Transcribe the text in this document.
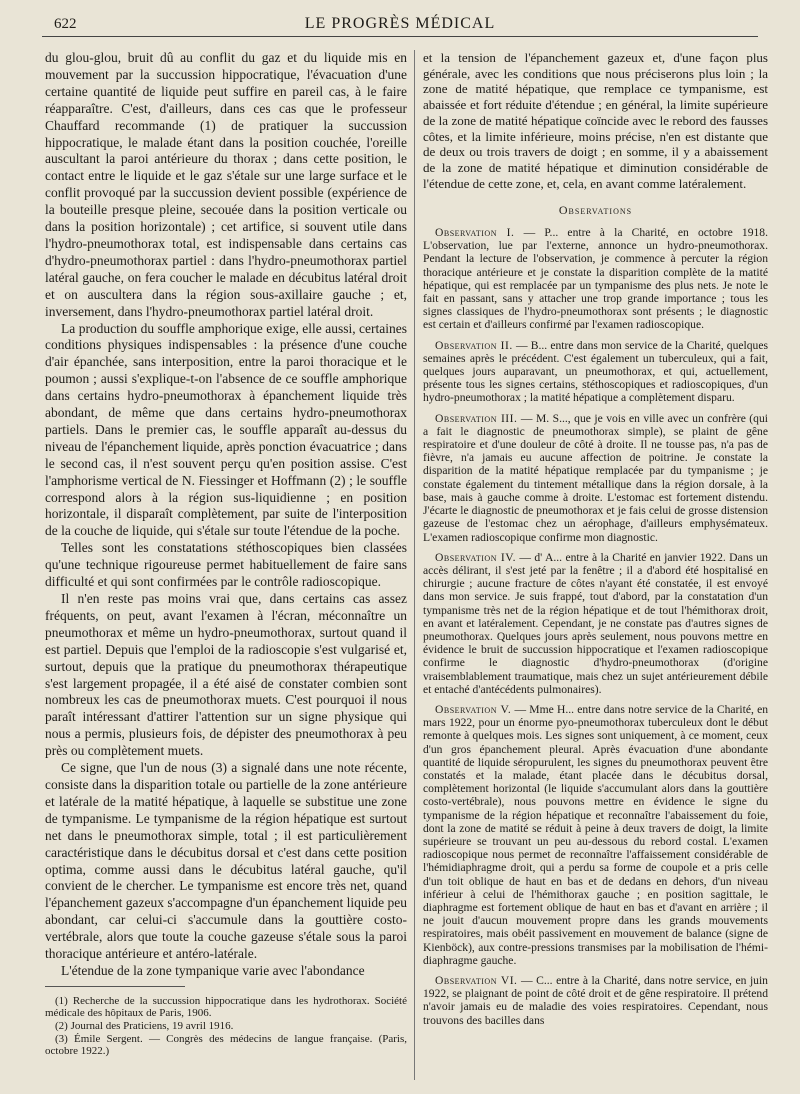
622	LE PROGRÈS MÉDICAL

du glou-glou, bruit dû au conflit du gaz et du liquide mis en mouvement par la succussion hippocratique, l'évacuation d'une certaine quantité de liquide peut suffire en pareil cas, à le faire réapparaître. C'est, d'ailleurs, dans ces cas que le professeur Chauffard recommande (1) de pratiquer la succussion hippocratique, le malade étant dans la position couchée, l'oreille auscultant la paroi antérieure du thorax ; dans cette position, le contact entre le liquide et le gaz s'étale sur une large surface et le conflit provoqué par la succussion devient possible (expérience de la bouteille presque pleine, secouée dans la position verticale ou dans la position horizontale) ; cet artifice, si souvent utile dans l'hydro-pneumothorax total, est indispensable dans certains cas d'hydro-pneumothorax partiel : dans l'hydro-pneumothorax partiel latéral gauche, on fera coucher le malade en décubitus latéral droit et on auscultera dans la région sous-axillaire gauche ; et, inversement, dans l'hydro-pneumothorax partiel latéral droit.

La production du souffle amphorique exige, elle aussi, certaines conditions physiques indispensables : la présence d'une couche d'air épanchée, sans interposition, entre la paroi thoracique et le poumon ; aussi s'explique-t-on l'absence de ce souffle amphorique dans certains hydro-pneumothorax à épanchement liquide très abondant, de même que dans certains hydro-pneumothorax partiels. Dans le premier cas, le souffle apparaît au-dessus du niveau de l'épanchement liquide, après ponction évacuatrice ; dans le second cas, il n'est souvent perçu qu'en position assise. C'est l'amphorisme vertical de N. Fiessinger et Hoffmann (2) ; le souffle correspond alors à la région sus-liquidienne ; en position horizontale, il disparaît complètement, par suite de l'interposition de la couche de liquide, qui s'étale sur toute l'étendue de la poche.

Telles sont les constatations stéthoscopiques bien classées qu'une technique rigoureuse permet habituellement de faire sans difficulté et qui sont confirmées par le contrôle radioscopique.

Il n'en reste pas moins vrai que, dans certains cas assez fréquents, on peut, avant l'examen à l'écran, méconnaître un pneumothorax et même un hydro-pneumothorax, surtout quand il est partiel. Depuis que l'emploi de la radioscopie s'est vulgarisé et, surtout, depuis que la pratique du pneumothorax thérapeutique s'est largement propagée, il a été aisé de constater combien sont nombreux les cas de pneumothorax muets. C'est pourquoi il nous paraît intéressant d'attirer l'attention sur un signe physique qui nous a permis, plusieurs fois, de dépister des pneumothorax à peu près ou complètement muets.

Ce signe, que l'un de nous (3) a signalé dans une note récente, consiste dans la disparition totale ou partielle de la zone antérieure et latérale de la matité hépatique, à laquelle se substitue une zone de tympanisme. Le tympanisme de la région hépatique est surtout net dans le pneumothorax simple, total ; il est particulièrement caractéristique dans le décubitus dorsal et c'est dans cette position optima, comme aussi dans le décubitus latéral gauche, qu'il convient de le chercher. Le tympanisme est encore très net, quand l'épanchement gazeux s'accompagne d'un épanchement liquide peu abondant, car celui-ci s'accumule dans la gouttière costo-vertébrale, alors que toute la couche gazeuse s'étale sous la paroi thoracique antérieure et antéro-latérale.

L'étendue de la zone tympanique varie avec l'abondance

(1) Recherche de la succussion hippocratique dans les hydrothorax. Société médicale des hôpitaux de Paris, 1906.

(2) Journal des Praticiens, 19 avril 1916.

(3) Émile Sergent. — Congrès des médecins de langue française. (Paris, octobre 1922.)

et la tension de l'épanchement gazeux et, d'une façon plus générale, avec les conditions que nous préciserons plus loin ; la zone de matité hépatique, que remplace ce tympanisme, est abaissée et fort réduite d'étendue ; en général, la limite supérieure de la zone de matité hépatique coïncide avec le rebord des fausses côtes, et la limite inférieure, moins précise, n'en est distante que de deux ou trois travers de doigt ; en somme, il y a abaissement de la zone de matité hépatique et diminution considérable de l'étendue de cette zone, et, cela, en avant comme latéralement.

Observations

Observation I. — P... entre à la Charité, en octobre 1918. L'observation, lue par l'externe, annonce un hydro-pneumothorax. Pendant la lecture de l'observation, je commence à percuter la région thoracique antérieure et je constate la disparition complète de la matité hépatique, qui est remplacée par un tympanisme des plus nets. Je note le fait en passant, sans y attacher une trop grande importance ; tous les signes classiques de l'hydro-pneumothorax sont présents ; le diagnostic est certain et d'ailleurs confirmé par l'examen radioscopique.

Observation II. — B... entre dans mon service de la Charité, quelques semaines après le précédent. C'est également un tuberculeux, qui a fait, quelques jours auparavant, un pneumothorax, et qui, actuellement, présente tous les signes certains, stéthoscopiques et radioscopiques, d'un hydro-pneumothorax ; la matité hépatique a complètement disparu.

Observation III. — M. S..., que je vois en ville avec un confrère (qui a fait le diagnostic de pneumothorax simple), se plaint de gêne respiratoire et d'une douleur de côté à droite. Il ne tousse pas, n'a pas de fièvre, n'a jamais eu aucune affection de poitrine. Je constate la disparition de la matité hépatique remplacée par du tympanisme ; je constate également du tintement métallique dans la région dorsale, à la base, mais à gauche comme à droite. L'estomac est fortement distendu. J'écarte le diagnostic de pneumothorax et je fais celui de grosse distension gazeuse de l'estomac chez un aérophage, d'ailleurs emphysémateux. L'examen radioscopique confirme mon diagnostic.

Observation IV. — d' A... entre à la Charité en janvier 1922. Dans un accès délirant, il s'est jeté par la fenêtre ; il a d'abord été hospitalisé en chirurgie ; aucune fracture de côtes n'ayant été constatée, il est envoyé dans mon service. Je suis frappé, tout d'abord, par la constatation d'un tympanisme très net de la région hépatique et de tout l'hémithorax droit, en avant et latéralement. Cependant, je ne constate pas d'autres signes de pneumothorax. Quelques jours après seulement, nous pouvons mettre en évidence le bruit de succussion hippocratique et l'examen radioscopique confirme le diagnostic d'hydro-pneumothorax (d'origine vraisemblablement traumatique, mais chez un sujet antérieurement débile et entaché d'antécédents pulmonaires).

Observation V. — Mme H... entre dans notre service de la Charité, en mars 1922, pour un énorme pyo-pneumothorax tuberculeux dont le début remonte à quelques mois. Les signes sont uniquement, à ce moment, ceux d'un gros épanchement pleural. Après évacuation d'une abondante quantité de liquide séropurulent, les signes du pneumothorax peuvent être constatés et la malade, étant placée dans le décubitus dorsal, complètement horizontal (le liquide s'accumulant alors dans la gouttière costo-vertébrale), nous pouvons mettre en évidence le signe du tympanisme de la région hépatique et reconnaître l'abaissement du foie, dont la zone de matité se réduit à peine à deux travers de doigt, la limite supérieure se trouvant un peu au-dessous du rebord costal. L'examen radioscopique nous permet de reconnaître l'affaissement considérable de l'hémidiaphragme droit, qui a perdu sa forme de coupole et a pris celle d'un toit oblique de haut en bas et de dedans en dehors, d'un niveau inférieur à celui de l'hémithorax gauche ; en position sagittale, le diaphragme est fortement oblique de haut en bas et d'avant en arrière ; il ne jouit d'aucun mouvement propre dans les grands mouvements respiratoires, mais obéit passivement en mouvement de balance (signe de Kienböck), aux contre-pressions transmises par la mobilisation de l'hémi-diaphragme gauche.

Observation VI. — C... entre à la Charité, dans notre service, en juin 1922, se plaignant de point de côté droit et de gêne respiratoire. Il prétend n'avoir jamais eu de maladie des voies respiratoires. Cependant, nous trouvons des bacilles dans
